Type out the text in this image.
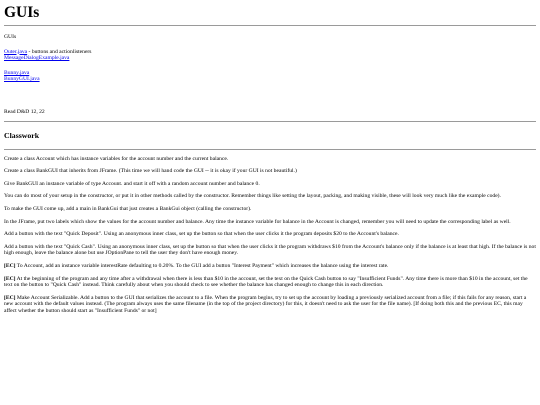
GUIs

GUIs

Outer.java - buttons and actionlisteners
MessageDialogExample.java
Bunny.java
BunnyGUI.java

Read D&D 12, 22

Classwork

Create a class Account which has instance variables for the account number and the current balance.

Create a class BankGUI that inherits from JFrame. (This time we will hand code the GUI -- it is okay if your GUI is not beautiful.)

Give BankGUI an instance variable of type Account. and start it off with a random account number and balance 0.

You can do most of your setup in the constructor, or put it in other methods called by the constructor. Remember things like setting the layout, packing, and making visible, these will look very much like the example code).

To make the GUI come up, add a main in BankGui that just creates a BankGui object (calling the constructor).

In the JFrame, put two labels which show the values for the account number and balance. Any time the instance variable for balance in the Account is changed, remember you will need to update the corresponding label as well.

Add a button with the text "Quick Deposit". Using an anonymous inner class, set up the button so that when the user clicks it the program deposits $20 to the Account's balance.

Add a button with the text "Quick Cash". Using an anonymous inner class, set up the button so that when the user clicks it the program withdraws $10 from the Account's balance only if the balance is at least that high. If the balance is not high enough, leave the balance alone but use JOptionPane to tell the user they don't have enough money.

[EC] To Account, add an instance variable interestRate defaulting to 0.20%. To the GUI add a button "Interest Payment" which increases the balance using the interest rate.

[EC] At the beginning of the program and any time after a withdrawal when there is less than $10 in the account, set the text on the Quick Cash button to say "Insufficient Funds". Any time there is more than $10 in the account, set the text on the button to "Quick Cash" instead. Think carefully about when you should check to see whether the balance has changed enough to change this in each direction.

[EC] Make Account Serializable. Add a button to the GUI that serializes the account to a file. When the program begins, try to set up the account by loading a previously serialized account from a file; if this fails for any reason, start a new account with the default values instead. (The program always uses the same filename (in the top of the project directory) for this, it doesn't need to ask the user for the file name). [If doing both this and the previous EC, this may affect whether the button should start as "Insufficient Funds" or not]
